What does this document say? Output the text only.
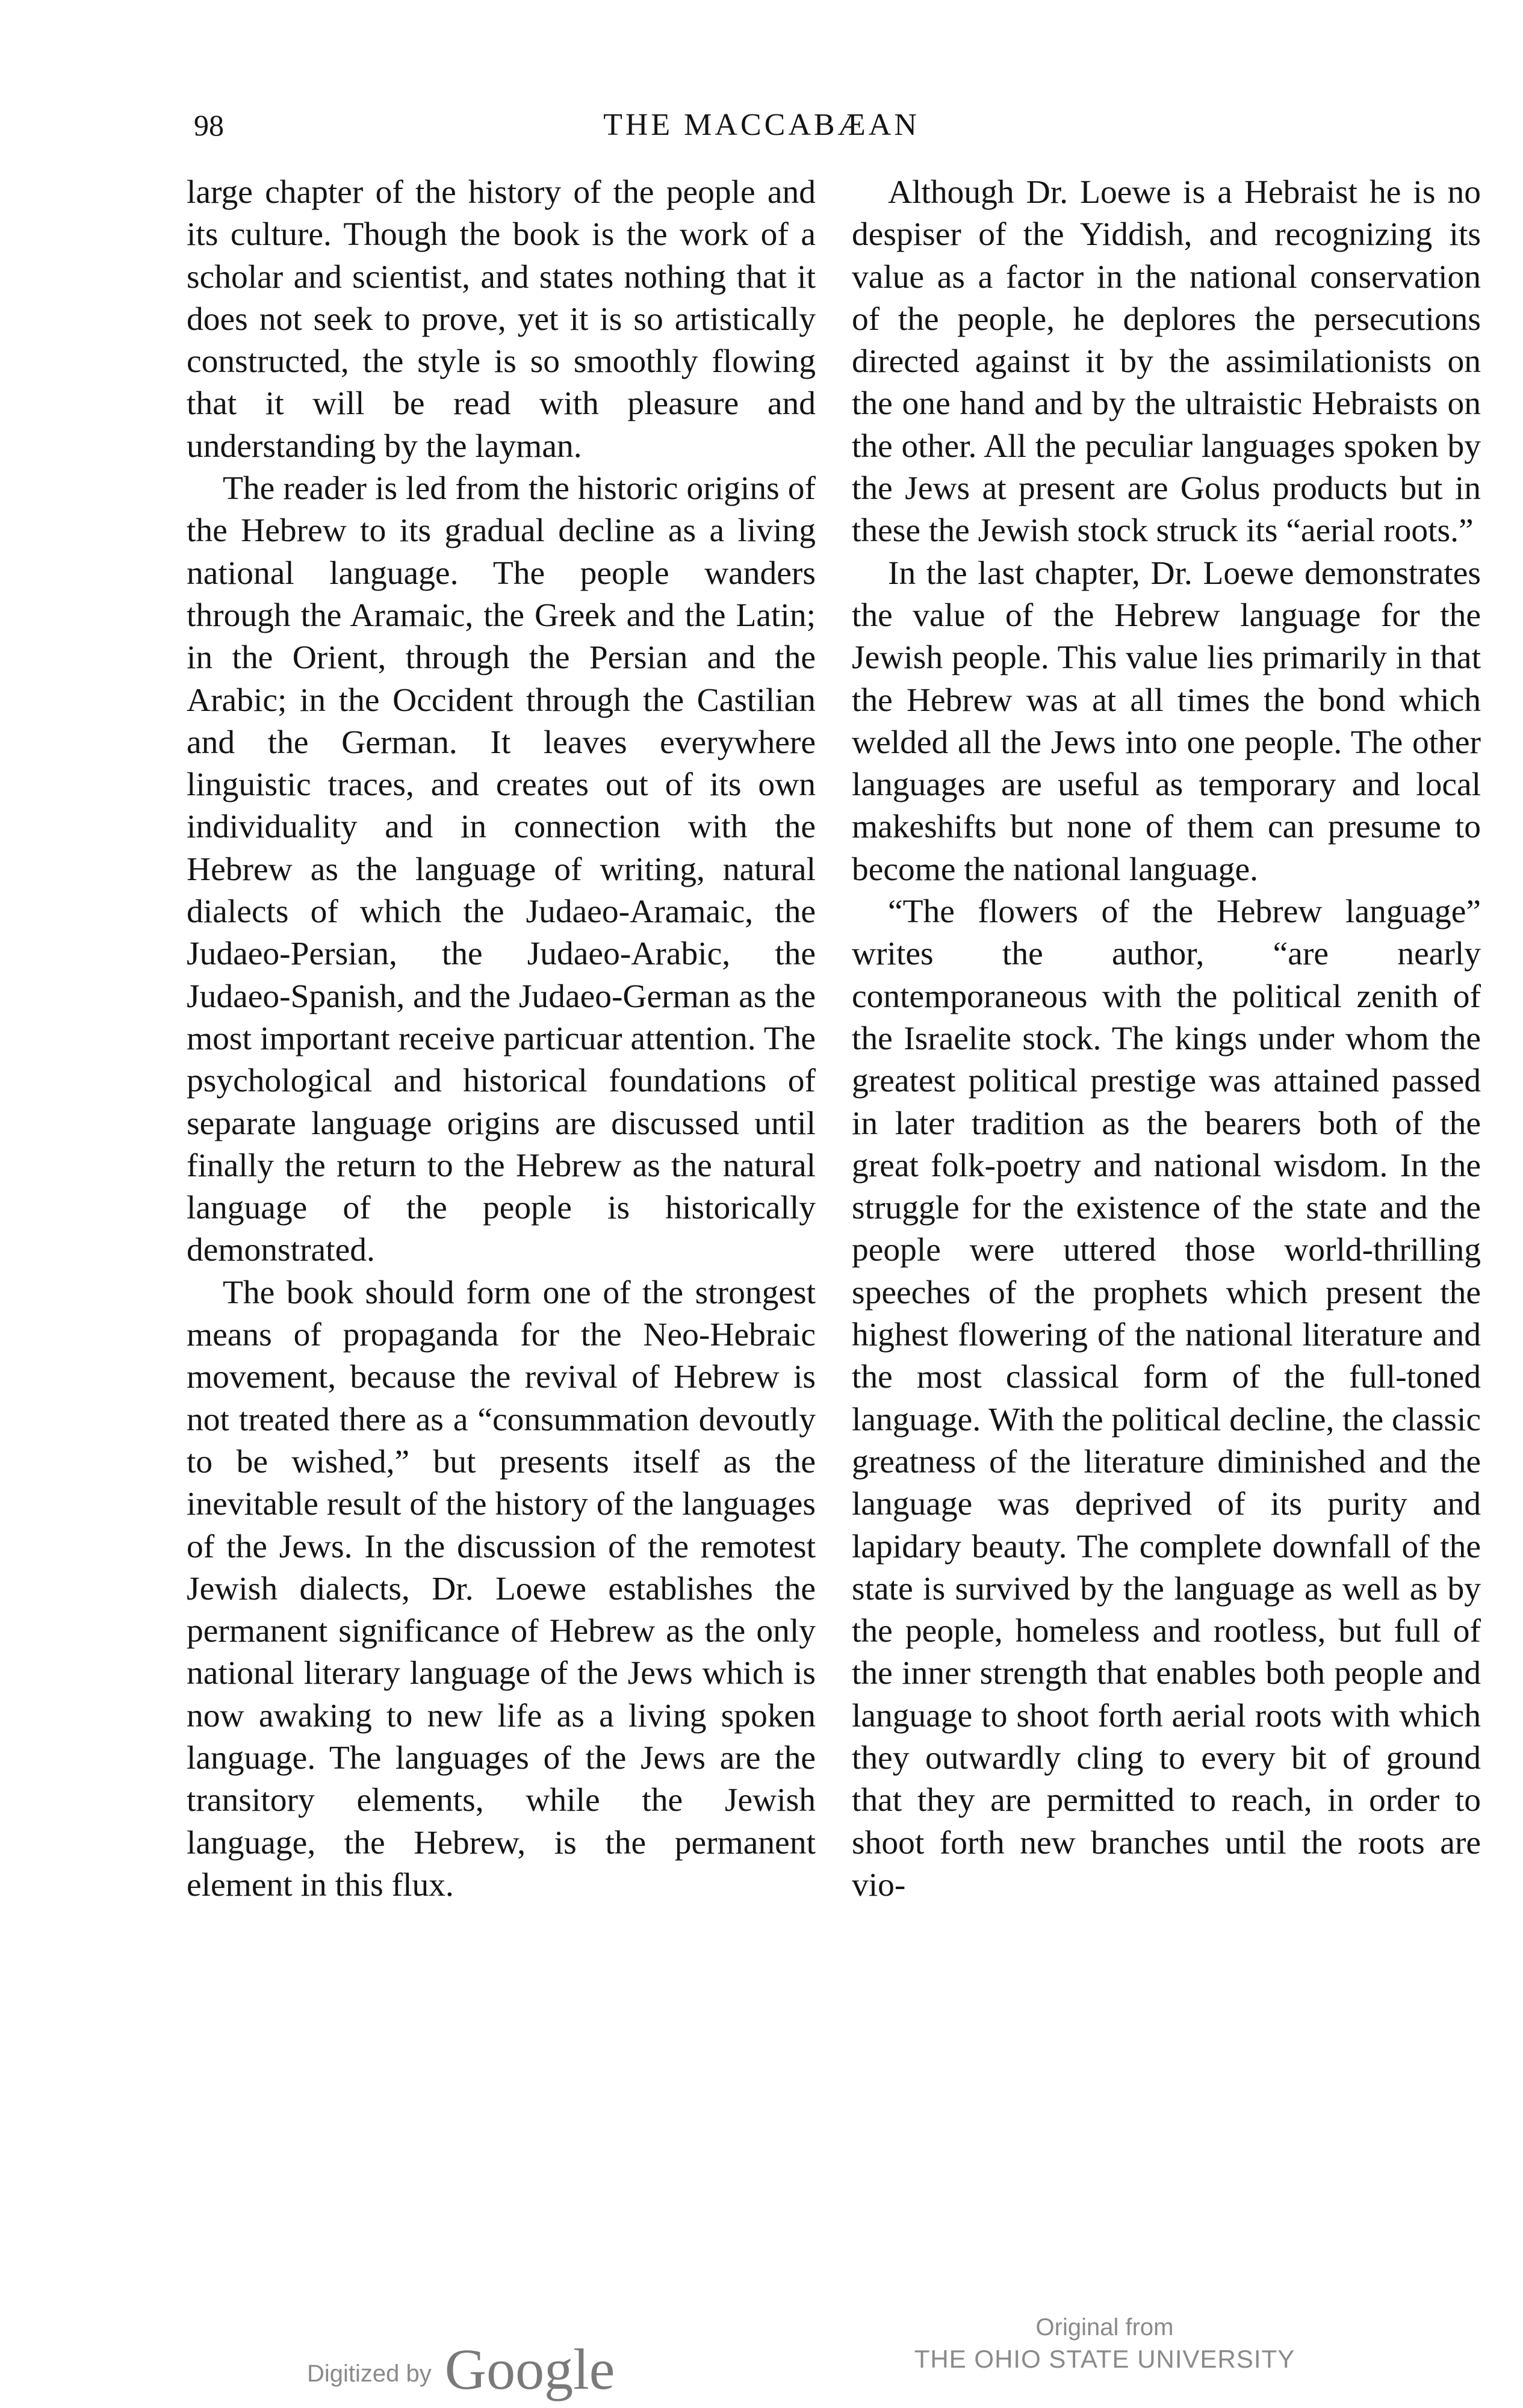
98	THE MACCABÆAN

large chapter of the history of the people and its culture. Though the book is the work of a scholar and scientist, and states nothing that it does not seek to prove, yet it is so artistically constructed, the style is so smoothly flowing that it will be read with pleasure and understanding by the layman.

The reader is led from the historic origins of the Hebrew to its gradual decline as a living national language. The people wanders through the Aramaic, the Greek and the Latin; in the Orient, through the Persian and the Arabic; in the Occident through the Castilian and the German. It leaves everywhere linguistic traces, and creates out of its own individuality and in connection with the Hebrew as the language of writing, natural dialects of which the Judaeo-Aramaic, the Judaeo-Persian, the Judaeo-Arabic, the Judaeo-Spanish, and the Judaeo-German as the most important receive particuar attention. The psychological and historical foundations of separate language origins are discussed until finally the return to the Hebrew as the natural language of the people is historically demonstrated.

The book should form one of the strongest means of propaganda for the Neo-Hebraic movement, because the revival of Hebrew is not treated there as a “consummation devoutly to be wished,” but presents itself as the inevitable result of the history of the languages of the Jews. In the discussion of the remotest Jewish dialects, Dr. Loewe establishes the permanent significance of Hebrew as the only national literary language of the Jews which is now awaking to new life as a living spoken language. The languages of the Jews are the transitory elements, while the Jewish language, the Hebrew, is the permanent element in this flux.

Although Dr. Loewe is a Hebraist he is no despiser of the Yiddish, and recognizing its value as a factor in the national conservation of the people, he deplores the persecutions directed against it by the assimilationists on the one hand and by the ultraistic Hebraists on the other. All the peculiar languages spoken by the Jews at present are Golus products but in these the Jewish stock struck its “aerial roots.”

In the last chapter, Dr. Loewe demonstrates the value of the Hebrew language for the Jewish people. This value lies primarily in that the Hebrew was at all times the bond which welded all the Jews into one people. The other languages are useful as temporary and local makeshifts but none of them can presume to become the national language.

“The flowers of the Hebrew language” writes the author, “are nearly contemporaneous with the political zenith of the Israelite stock. The kings under whom the greatest political prestige was attained passed in later tradition as the bearers both of the great folk-poetry and national wisdom. In the struggle for the existence of the state and the people were uttered those world-thrilling speeches of the prophets which present the highest flowering of the national literature and the most classical form of the full-toned language. With the political decline, the classic greatness of the literature diminished and the language was deprived of its purity and lapidary beauty. The complete downfall of the state is survived by the language as well as by the people, homeless and rootless, but full of the inner strength that enables both people and language to shoot forth aerial roots with which they outwardly cling to every bit of ground that they are permitted to reach, in order to shoot forth new branches until the roots are vio-

Digitized by Google
Original from
THE OHIO STATE UNIVERSITY
